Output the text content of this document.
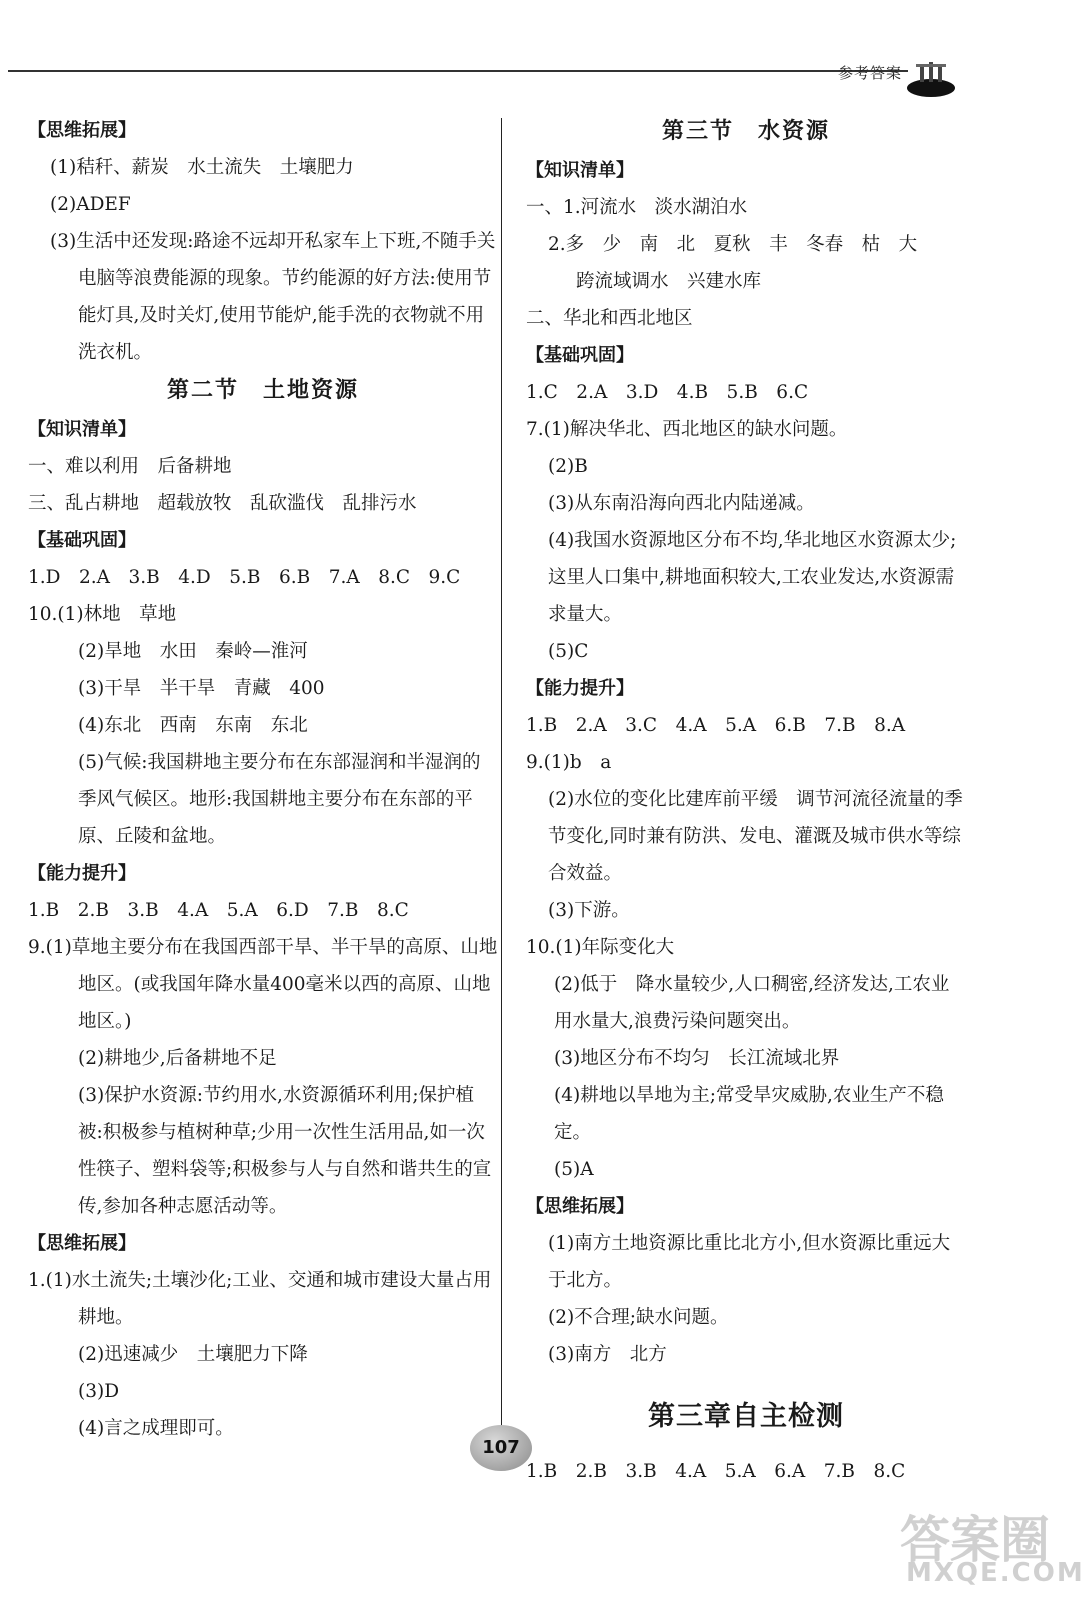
参考答案
【思维拓展】
(1)秸秆、薪炭　水土流失　土壤肥力
(2)ADEF
(3)生活中还发现:路途不远却开私家车上下班,不随手关电脑等浪费能源的现象。节约能源的好方法:使用节能灯具,及时关灯,使用节能炉,能手洗的衣物就不用洗衣机。
第二节　土地资源
【知识清单】
一、难以利用　后备耕地
三、乱占耕地　超载放牧　乱砍滥伐　乱排污水
【基础巩固】
1.D　2.A　3.B　4.D　5.B　6.B　7.A　8.C　9.C
10.(1)林地　草地
(2)旱地　水田　秦岭—淮河
(3)干旱　半干旱　青藏　400
(4)东北　西南　东南　东北
(5)气候:我国耕地主要分布在东部湿润和半湿润的季风气候区。地形:我国耕地主要分布在东部的平原、丘陵和盆地。
【能力提升】
1.B　2.B　3.B　4.A　5.A　6.D　7.B　8.C
9.(1)草地主要分布在我国西部干旱、半干旱的高原、山地地区。(或我国年降水量400毫米以西的高原、山地地区。)
(2)耕地少,后备耕地不足
(3)保护水资源:节约用水,水资源循环利用;保护植被:积极参与植树种草;少用一次性生活用品,如一次性筷子、塑料袋等;积极参与人与自然和谐共生的宣传,参加各种志愿活动等。
【思维拓展】
1.(1)水土流失;土壤沙化;工业、交通和城市建设大量占用耕地。
(2)迅速减少　土壤肥力下降
(3)D
(4)言之成理即可。
第三节　水资源
【知识清单】
一、1.河流水　淡水湖泊水
2.多　少　南　北　夏秋　丰　冬春　枯　大
跨流域调水　兴建水库
二、华北和西北地区
【基础巩固】
1.C　2.A　3.D　4.B　5.B　6.C
7.(1)解决华北、西北地区的缺水问题。
(2)B
(3)从东南沿海向西北内陆递减。
(4)我国水资源地区分布不均,华北地区水资源太少;这里人口集中,耕地面积较大,工农业发达,水资源需求量大。
(5)C
【能力提升】
1.B　2.A　3.C　4.A　5.A　6.B　7.B　8.A
9.(1)b　a
(2)水位的变化比建库前平缓　调节河流径流量的季节变化,同时兼有防洪、发电、灌溉及城市供水等综合效益。
(3)下游。
10.(1)年际变化大
(2)低于　降水量较少,人口稠密,经济发达,工农业用水量大,浪费污染问题突出。
(3)地区分布不均匀　长江流域北界
(4)耕地以旱地为主;常受旱灾威胁,农业生产不稳定。
(5)A
【思维拓展】
(1)南方土地资源比重比北方小,但水资源比重远大于北方。
(2)不合理;缺水问题。
(3)南方　北方
第三章自主检测
1.B　2.B　3.B　4.A　5.A　6.A　7.B　8.C
107
答案圈
MXQE.COM
